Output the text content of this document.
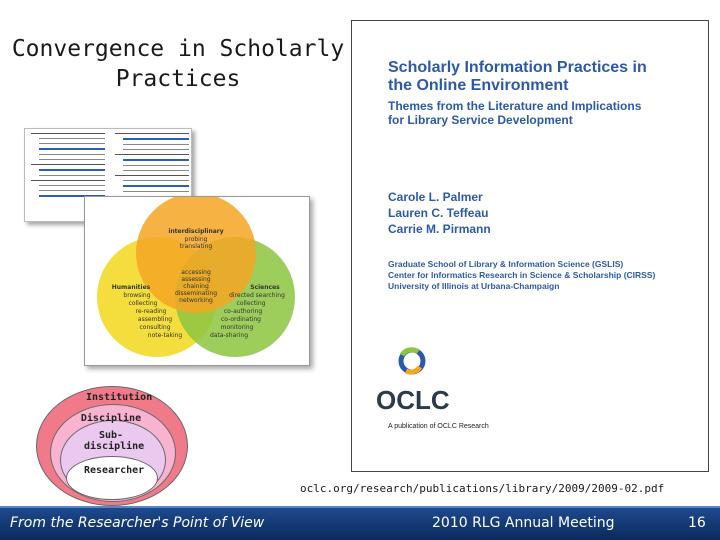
Convergence in Scholarly Practices
interdisciplinary
probing
translating
accessing
assessing
chaining
disseminating
networking
Humanities
browsing
collecting
re-reading
assembling
consulting
note-taking
Sciences
directed searching
collecting
co-authoring
co-ordinating
monitoring
data-sharing
Institution
Discipline
Sub-discipline
Researcher
Scholarly Information Practices in
the Online Environment
Themes from the Literature and Implications
for Library Service Development
Carole L. Palmer
Lauren C. Teffeau
Carrie M. Pirmann
Graduate School of Library & Information Science (GSLIS)
Center for Informatics Research in Science & Scholarship (CIRSS)
University of Illinois at Urbana-Champaign
OCLC
A publication of OCLC Research
oclc.org/research/publications/library/2009/2009-02.pdf
From the Researcher's Point of View	2010 RLG Annual Meeting	16
